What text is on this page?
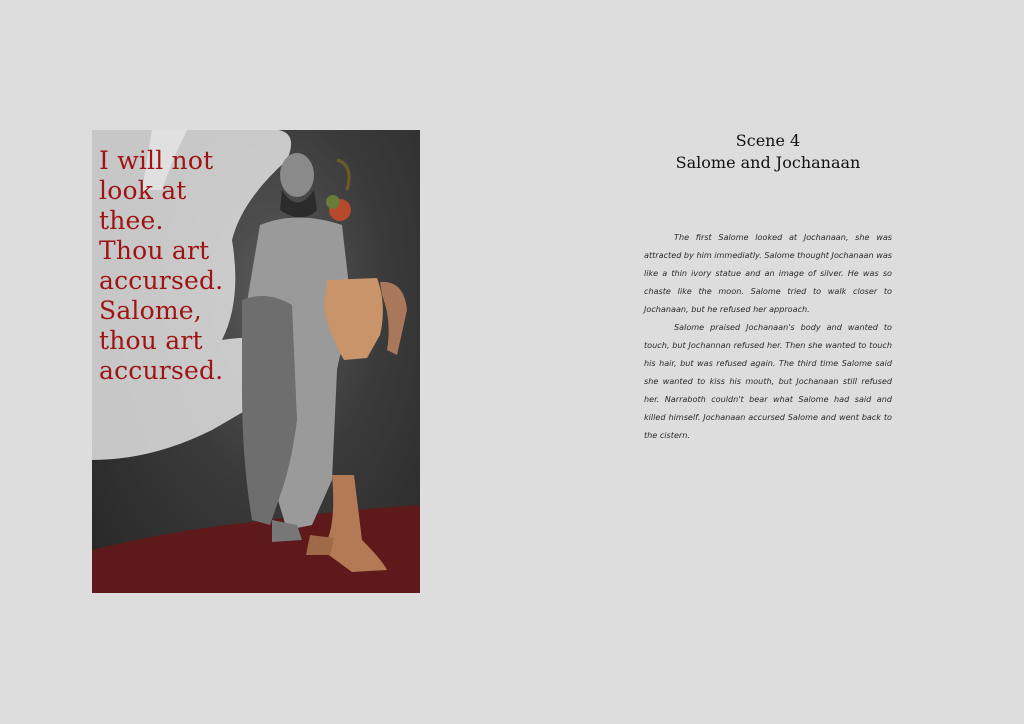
I will not
look at
thee.
Thou art
accursed.
Salome,
thou art
accursed.

Scene 4
Salome and Jochanaan

The first Salome looked at Jochanaan, she was attracted by him immediatly. Salome thought Jochanaan was like a thin ivory statue and an image of silver. He was so chaste like the moon. Salome tried to walk closer to Jochanaan, but he refused her approach.

Salome praised Jochanaan's body and wanted to touch, but Jochannan refused her. Then she wanted to touch his hair, but was refused again. The third time Salome said she wanted to kiss his mouth, but Jochanaan still refused her. Narraboth couldn't bear what Salome had said and killed himself. Jochanaan accursed Salome and went back to the cistern.
